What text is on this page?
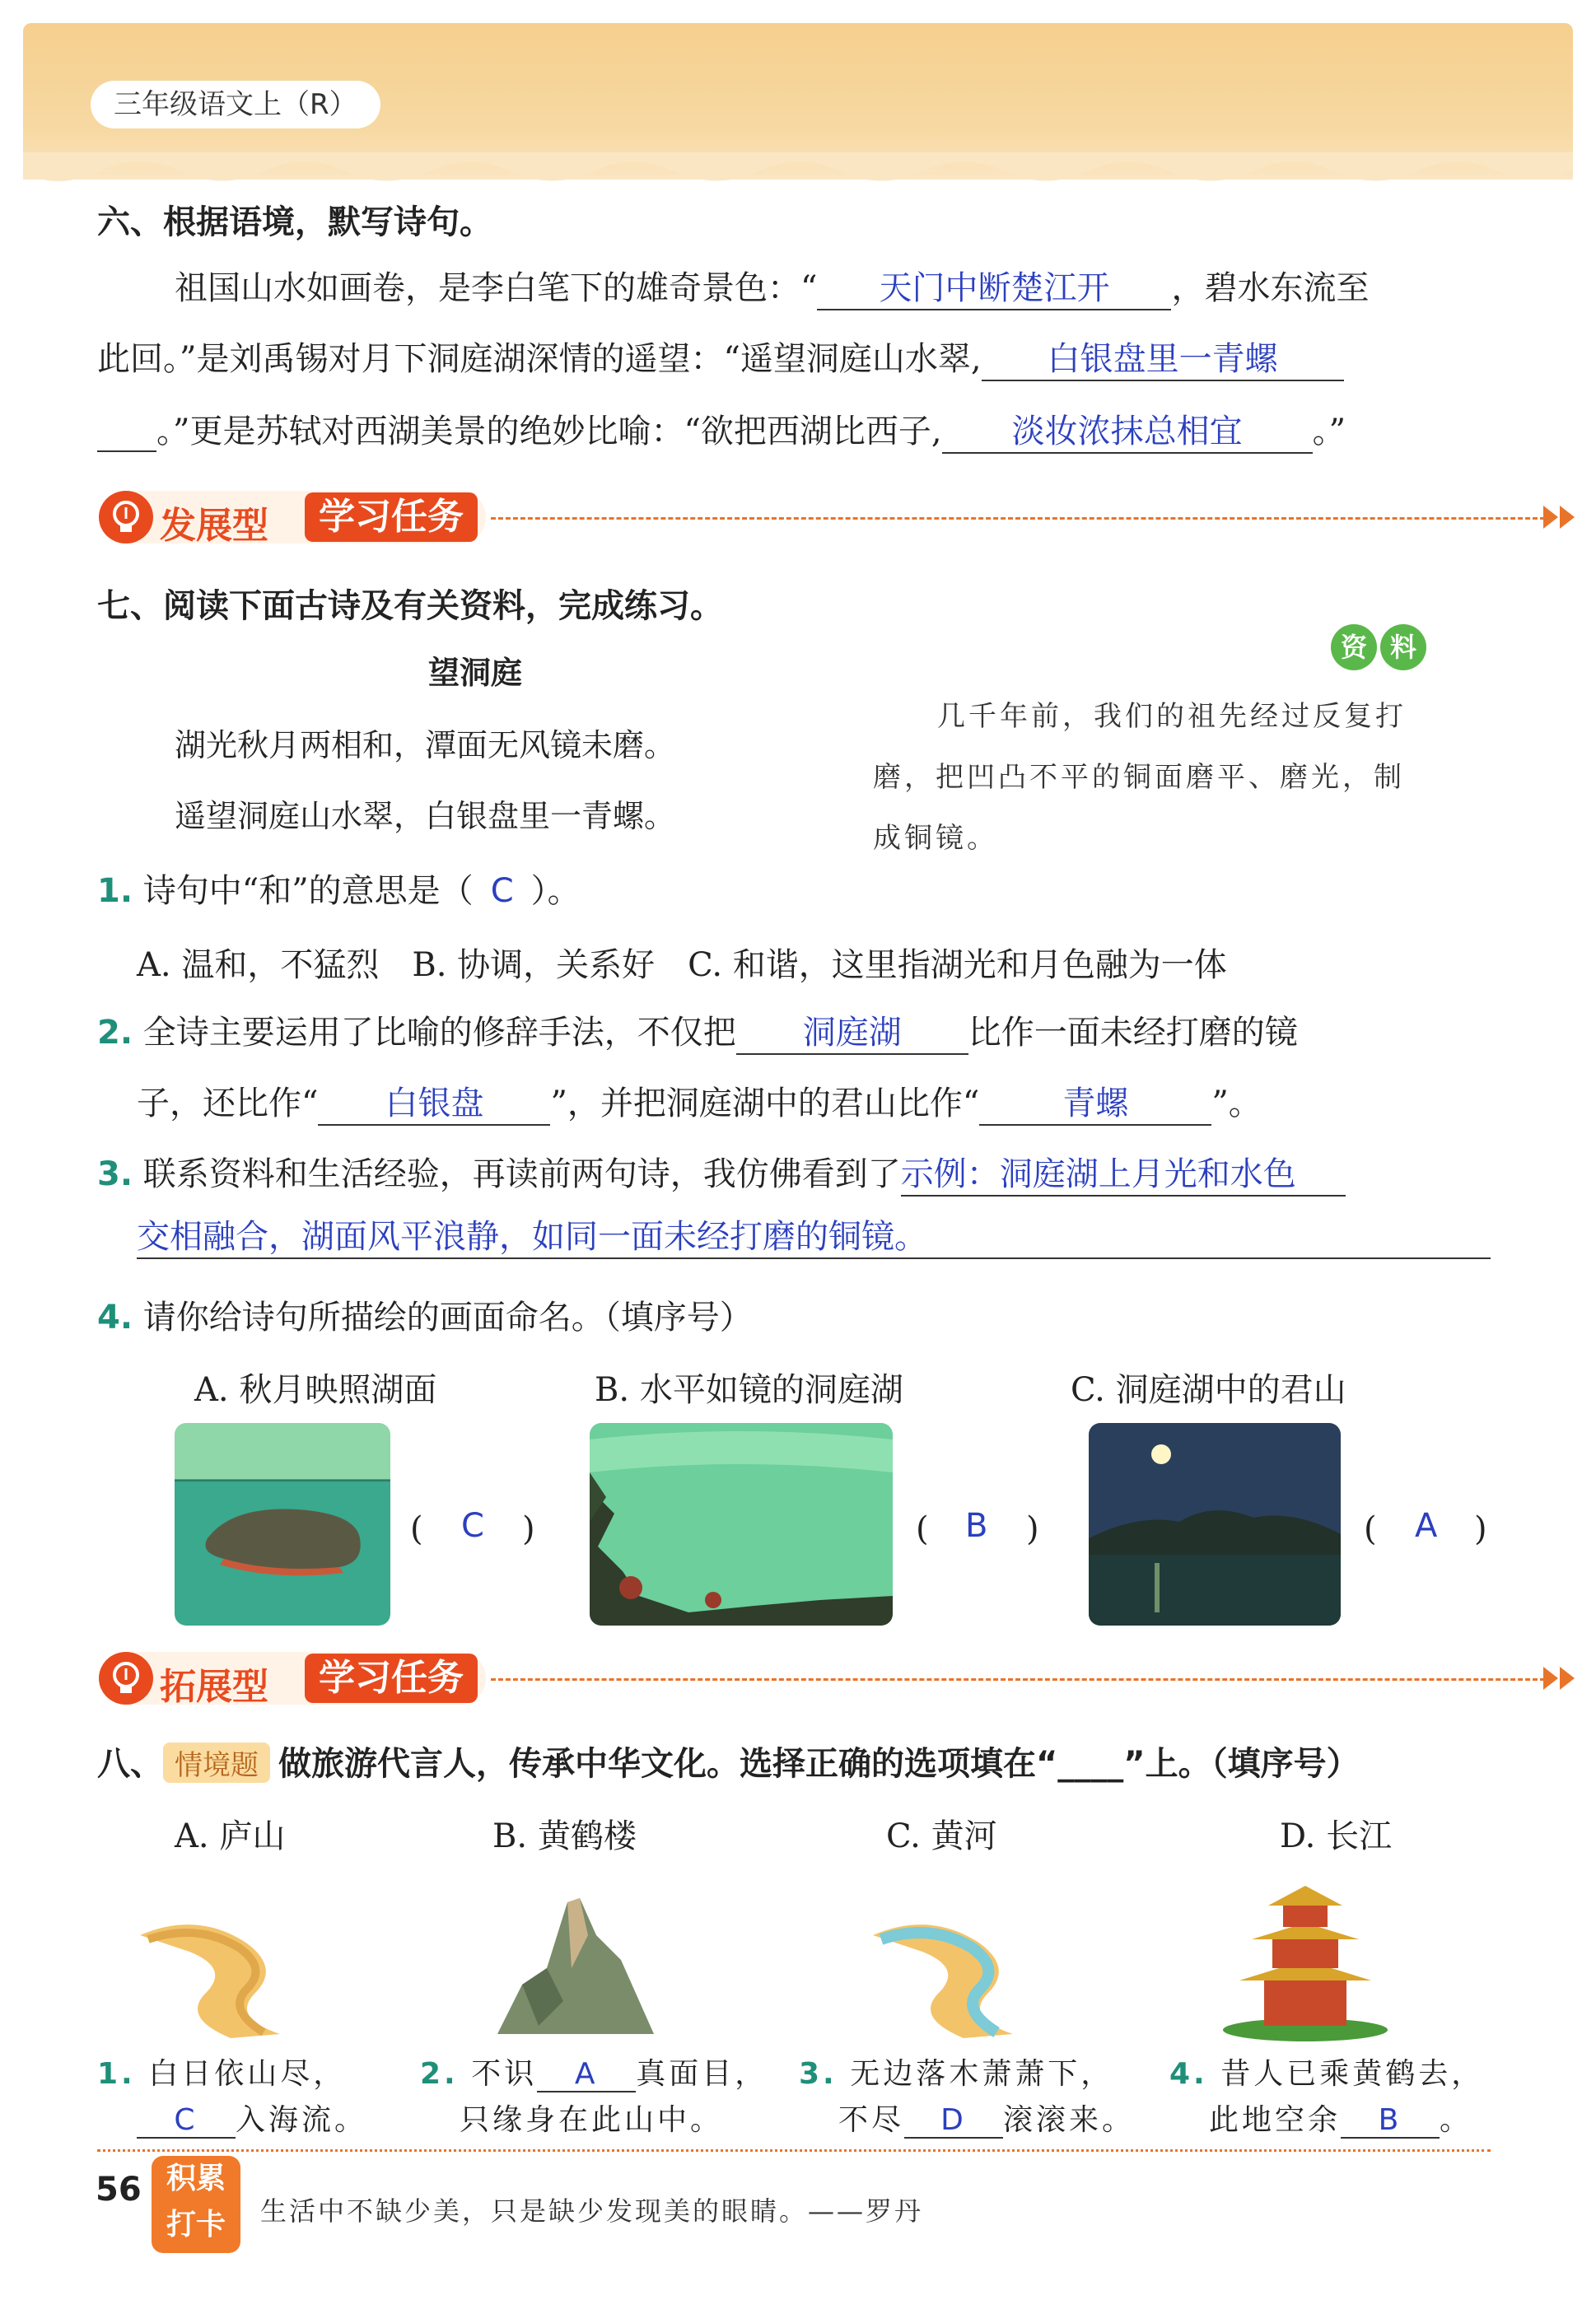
三年级语文上（R）
六、根据语境，默写诗句。
祖国山水如画卷，是李白笔下的雄奇景色：“ 天门中断楚江开 ，碧水东流至
此回。”是刘禹锡对月下洞庭湖深情的遥望：“遥望洞庭山水翠, 白银盘里一青螺
。”更是苏轼对西湖美景的绝妙比喻：“欲把西湖比西子, 淡妆浓抹总相宜 。”
发展型	学习任务
七、阅读下面古诗及有关资料，完成练习。
望洞庭
湖光秋月两相和，潭面无风镜未磨。
遥望洞庭山水翠，白银盘里一青螺。
资 料
几千年前，我们的祖先经过反复打
磨，把凹凸不平的铜面磨平、磨光，制
成铜镜。
1. 诗句中“和”的意思是（ C ）。
A. 温和，不猛烈　B. 协调，关系好　C. 和谐，这里指湖光和月色融为一体
2. 全诗主要运用了比喻的修辞手法，不仅把 洞庭湖 比作一面未经打磨的镜
子，还比作“ 白银盘 ”，并把洞庭湖中的君山比作“	青螺	”。
3. 联系资料和生活经验，再读前两句诗，我仿佛看到了示例：洞庭湖上月光和水色
交相融合，湖面风平浪静，如同一面未经打磨的铜镜。
4. 请你给诗句所描绘的画面命名。（填序号）
A. 秋月映照湖面	B. 水平如镜的洞庭湖	C. 洞庭湖中的君山
( C )	( B )	( A )
拓展型	学习任务
八、 情境题 做旅游代言人，传承中华文化。选择正确的选项填在“____”上。（填序号）
A. 庐山	B. 黄鹤楼	C. 黄河	D. 长江
1. 白日依山尽，
C 入海流。
2. 不识 A 真面目，
只缘身在此山中。
3. 无边落木萧萧下，
不尽 D 滚滚来。
4. 昔人已乘黄鹤去，
此地空余 B 。
56 积累
打卡	生活中不缺少美，只是缺少发现美的眼睛。——罗丹
